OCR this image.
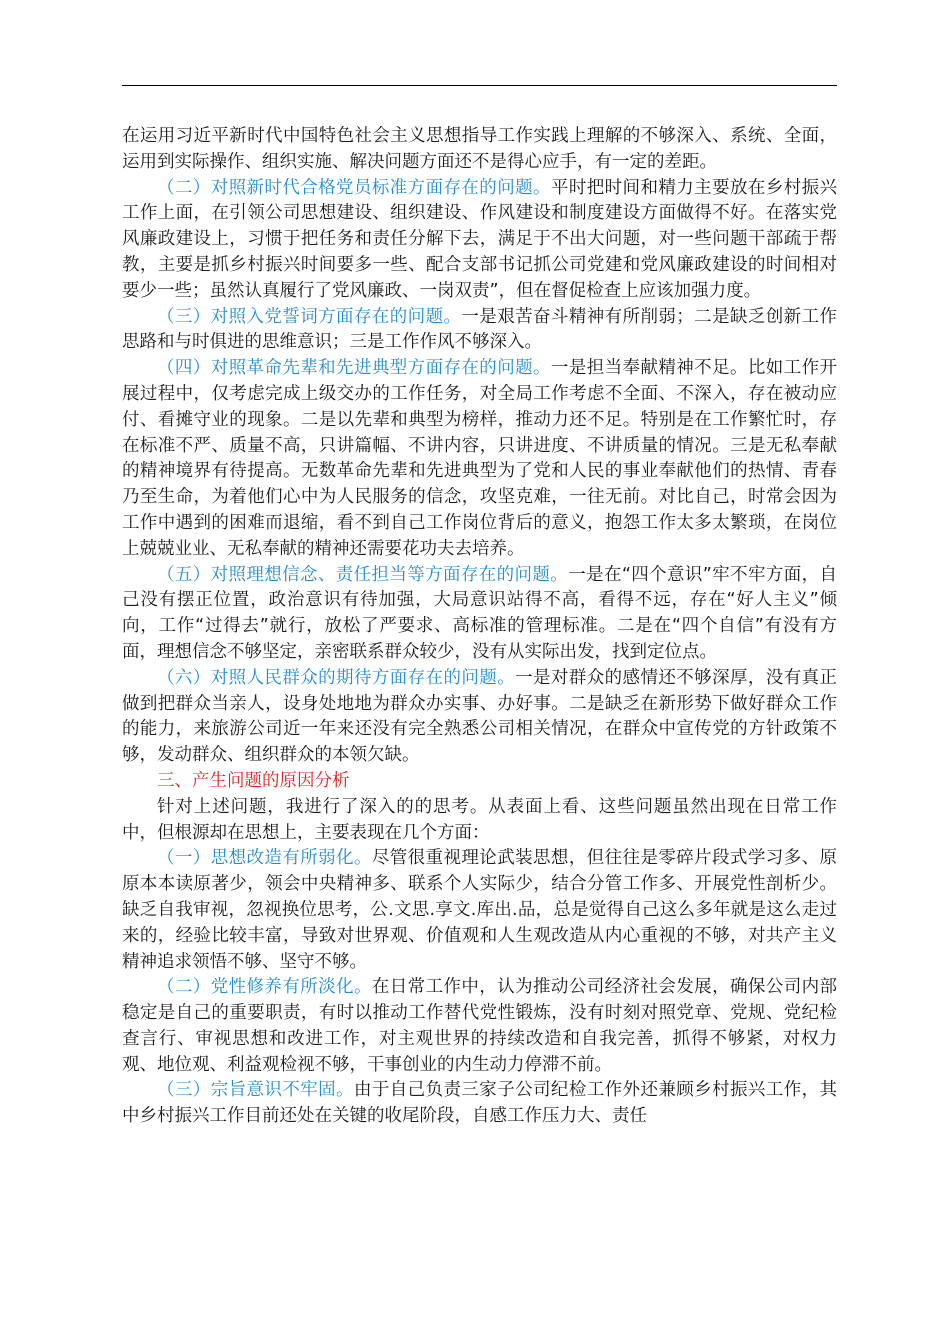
在运用习近平新时代中国特色社会主义思想指导工作实践上理解的不够深入、系统、全面，运用到实际操作、组织实施、解决问题方面还不是得心应手，有一定的差距。

（二）对照新时代合格党员标准方面存在的问题。平时把时间和精力主要放在乡村振兴工作上面，在引领公司思想建设、组织建设、作风建设和制度建设方面做得不好。在落实党风廉政建设上，习惯于把任务和责任分解下去，满足于不出大问题，对一些问题干部疏于帮教，主要是抓乡村振兴时间要多一些、配合支部书记抓公司党建和党风廉政建设的时间相对要少一些；虽然认真履行了党风廉政、一岗双责”，但在督促检查上应该加强力度。

（三）对照入党誓词方面存在的问题。一是艰苦奋斗精神有所削弱；二是缺乏创新工作思路和与时俱进的思维意识；三是工作作风不够深入。

（四）对照革命先辈和先进典型方面存在的问题。一是担当奉献精神不足。比如工作开展过程中，仅考虑完成上级交办的工作任务，对全局工作考虑不全面、不深入，存在被动应付、看摊守业的现象。二是以先辈和典型为榜样，推动力还不足。特别是在工作繁忙时，存在标准不严、质量不高，只讲篇幅、不讲内容，只讲进度、不讲质量的情况。三是无私奉献的精神境界有待提高。无数革命先辈和先进典型为了党和人民的事业奉献他们的热情、青春乃至生命，为着他们心中为人民服务的信念，攻坚克难，一往无前。对比自己，时常会因为工作中遇到的困难而退缩，看不到自己工作岗位背后的意义，抱怨工作太多太繁琐，在岗位上兢兢业业、无私奉献的精神还需要花功夫去培养。

（五）对照理想信念、责任担当等方面存在的问题。一是在“四个意识”牢不牢方面，自己没有摆正位置，政治意识有待加强，大局意识站得不高，看得不远，存在“好人主义”倾向，工作“过得去”就行，放松了严要求、高标准的管理标准。二是在“四个自信”有没有方面，理想信念不够坚定，亲密联系群众较少，没有从实际出发，找到定位点。

（六）对照人民群众的期待方面存在的问题。一是对群众的感情还不够深厚，没有真正做到把群众当亲人，设身处地地为群众办实事、办好事。二是缺乏在新形势下做好群众工作的能力，来旅游公司近一年来还没有完全熟悉公司相关情况，在群众中宣传党的方针政策不够，发动群众、组织群众的本领欠缺。

三、产生问题的原因分析

针对上述问题，我进行了深入的的思考。从表面上看、这些问题虽然出现在日常工作中，但根源却在思想上，主要表现在几个方面：

（一）思想改造有所弱化。尽管很重视理论武装思想，但往往是零碎片段式学习多、原原本本读原著少，领会中央精神多、联系个人实际少，结合分管工作多、开展党性剖析少。缺乏自我审视，忽视换位思考，公.文思.享文.库出.品，总是觉得自己这么多年就是这么走过来的，经验比较丰富，导致对世界观、价值观和人生观改造从内心重视的不够，对共产主义精神追求领悟不够、坚守不够。

（二）党性修养有所淡化。在日常工作中，认为推动公司经济社会发展，确保公司内部稳定是自己的重要职责，有时以推动工作替代党性锻炼，没有时刻对照党章、党规、党纪检查言行、审视思想和改进工作，对主观世界的持续改造和自我完善，抓得不够紧，对权力观、地位观、利益观检视不够，干事创业的内生动力停滞不前。

（三）宗旨意识不牢固。由于自己负责三家子公司纪检工作外还兼顾乡村振兴工作，其中乡村振兴工作目前还处在关键的收尾阶段，自感工作压力大、责任
